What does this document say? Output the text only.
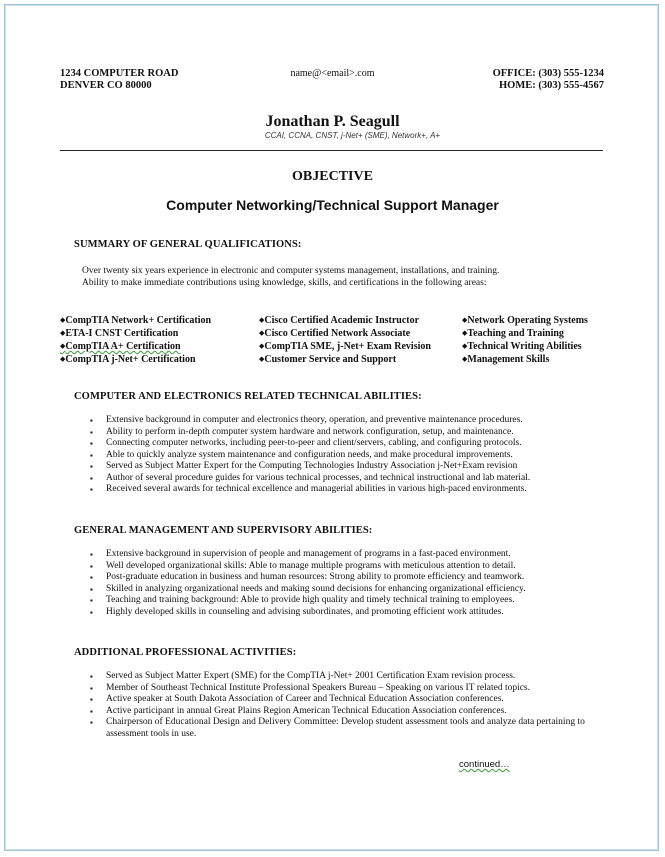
1234 COMPUTER ROAD
DENVER CO 80000
name@<email>.com	OFFICE: (303) 555-1234
HOME: (303) 555-4567
Jonathan P. Seagull
CCAI, CCNA, CNST, j-Net+ (SME), Network+, A+
OBJECTIVE
Computer Networking/Technical Support Manager
SUMMARY OF GENERAL QUALIFICATIONS:
Over twenty six years experience in electronic and computer systems management, installations, and training.
Ability to make immediate contributions using knowledge, skills, and certifications in the following areas:
◆ CompTIA Network+ Certification
◆ ETA-I CNST Certification
◆ CompTIA A+ Certification
◆ CompTIA j-Net+ Certification
◆ Cisco Certified Academic Instructor
◆ Cisco Certified Network Associate
◆ CompTIA SME, j-Net+ Exam Revision
◆ Customer Service and Support
◆ Network Operating Systems
◆ Teaching and Training
◆ Technical Writing Abilities
◆ Management Skills
COMPUTER AND ELECTRONICS RELATED TECHNICAL ABILITIES:
▪ Extensive background in computer and electronics theory, operation, and preventive maintenance procedures.
▪ Ability to perform in-depth computer system hardware and network configuration, setup, and maintenance.
▪ Connecting computer networks, including peer-to-peer and client/servers, cabling, and configuring protocols.
▪ Able to quickly analyze system maintenance and configuration needs, and make procedural improvements.
▪ Served as Subject Matter Expert for the Computing Technologies Industry Association j-Net+Exam revision
▪ Author of several procedure guides for various technical processes, and technical instructional and lab material.
▪ Received several awards for technical excellence and managerial abilities in various high-paced environments.
GENERAL MANAGEMENT AND SUPERVISORY ABILITIES:
▪ Extensive background in supervision of people and management of programs in a fast-paced environment.
▪ Well developed organizational skills: Able to manage multiple programs with meticulous attention to detail.
▪ Post-graduate education in business and human resources: Strong ability to promote efficiency and teamwork.
▪ Skilled in analyzing organizational needs and making sound decisions for enhancing organizational efficiency.
▪ Teaching and training background: Able to provide high quality and timely technical training to employees.
▪ Highly developed skills in counseling and advising subordinates, and promoting efficient work attitudes.
ADDITIONAL PROFESSIONAL ACTIVITIES:
▪ Served as Subject Matter Expert (SME) for the CompTIA j-Net+ 2001 Certification Exam revision process.
▪ Member of Southeast Technical Institute Professional Speakers Bureau – Speaking on various IT related topics.
▪ Active speaker at South Dakota Association of Career and Technical Education Association conferences.
▪ Active participant in annual Great Plains Region American Technical Education Association conferences.
▪ Chairperson of Educational Design and Delivery Committee: Develop student assessment tools and analyze data pertaining to assessment tools in use.
continued…
